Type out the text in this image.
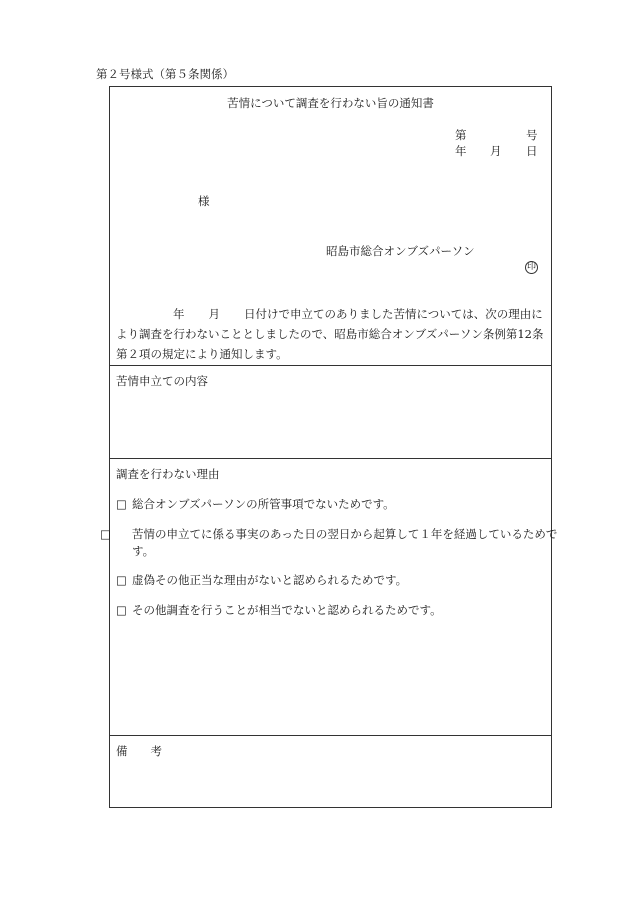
第２号様式（第５条関係）
苦情について調査を行わない旨の通知書
第	号
年 月 日
様
昭島市総合オンブズパーソン
印
年 月 日付けで申立てのありました苦情については、次の理由により調査を行わないこととしましたので、昭島市総合オンブズパーソン条例第12条第２項の規定により通知します。
苦情申立ての内容
調査を行わない理由
□ 総合オンブズパーソンの所管事項でないためです。
□ 苦情の申立てに係る事実のあった日の翌日から起算して１年を経過しているためです。
□ 虚偽その他正当な理由がないと認められるためです。
□ その他調査を行うことが相当でないと認められるためです。
備　　考
